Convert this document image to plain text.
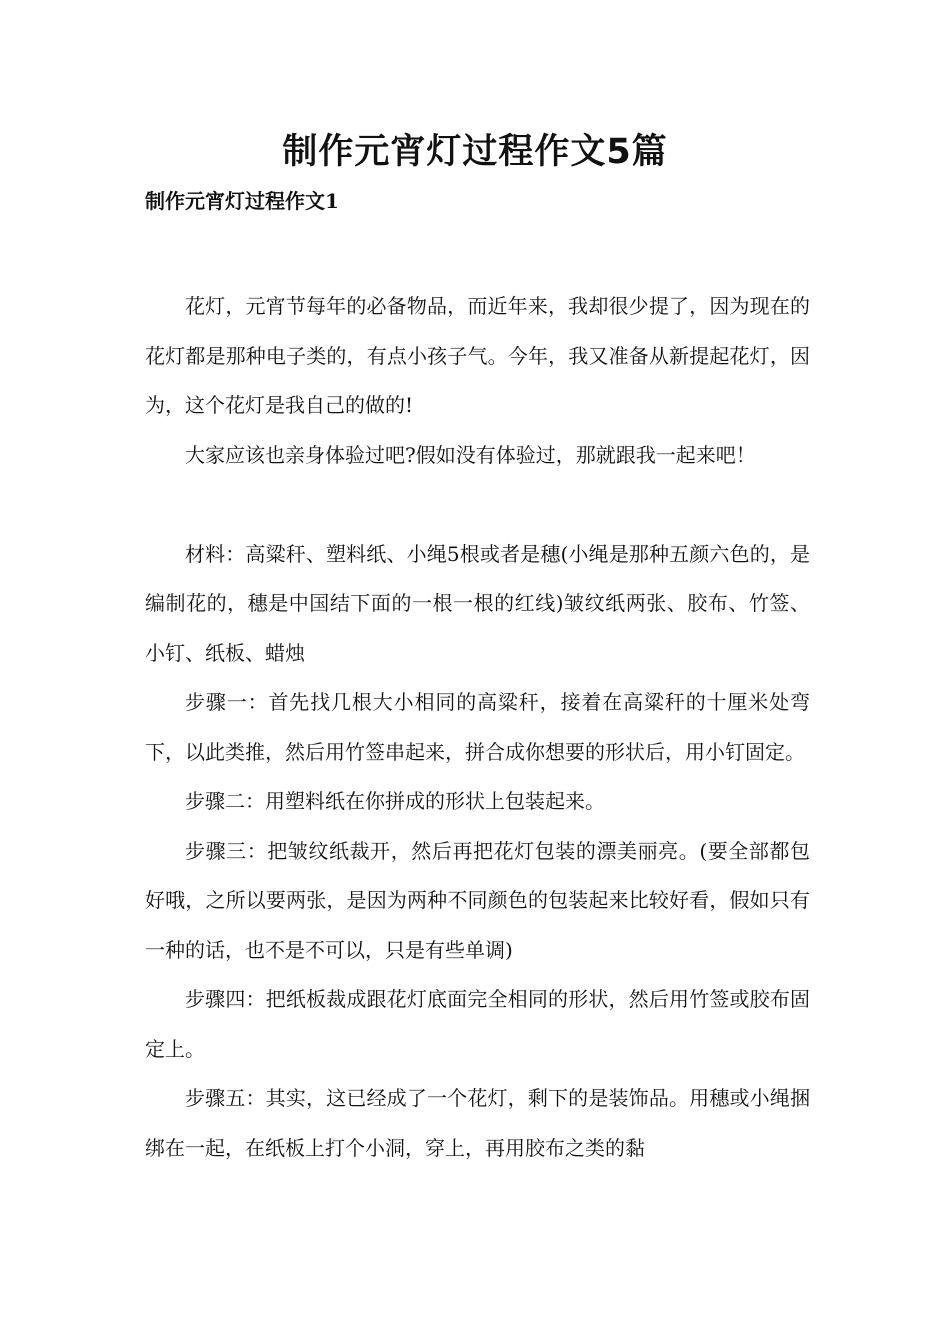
制作元宵灯过程作文5篇
制作元宵灯过程作文1

花灯，元宵节每年的必备物品，而近年来，我却很少提了，因为现在的花灯都是那种电子类的，有点小孩子气。今年，我又准备从新提起花灯，因为，这个花灯是我自己的做的!

大家应该也亲身体验过吧?假如没有体验过，那就跟我一起来吧！

材料：高粱秆、塑料纸、小绳5根或者是穗(小绳是那种五颜六色的，是编制花的，穗是中国结下面的一根一根的红线)皱纹纸两张、胶布、竹签、小钉、纸板、蜡烛

步骤一：首先找几根大小相同的高粱秆，接着在高粱秆的十厘米处弯下，以此类推，然后用竹签串起来，拼合成你想要的形状后，用小钉固定。

步骤二：用塑料纸在你拼成的形状上包装起来。

步骤三：把皱纹纸裁开，然后再把花灯包装的漂美丽亮。(要全部都包好哦，之所以要两张，是因为两种不同颜色的包装起来比较好看，假如只有一种的话，也不是不可以，只是有些单调)

步骤四：把纸板裁成跟花灯底面完全相同的形状，然后用竹签或胶布固定上。

步骤五：其实，这已经成了一个花灯，剩下的是装饰品。用穗或小绳捆绑在一起，在纸板上打个小洞，穿上，再用胶布之类的黏
